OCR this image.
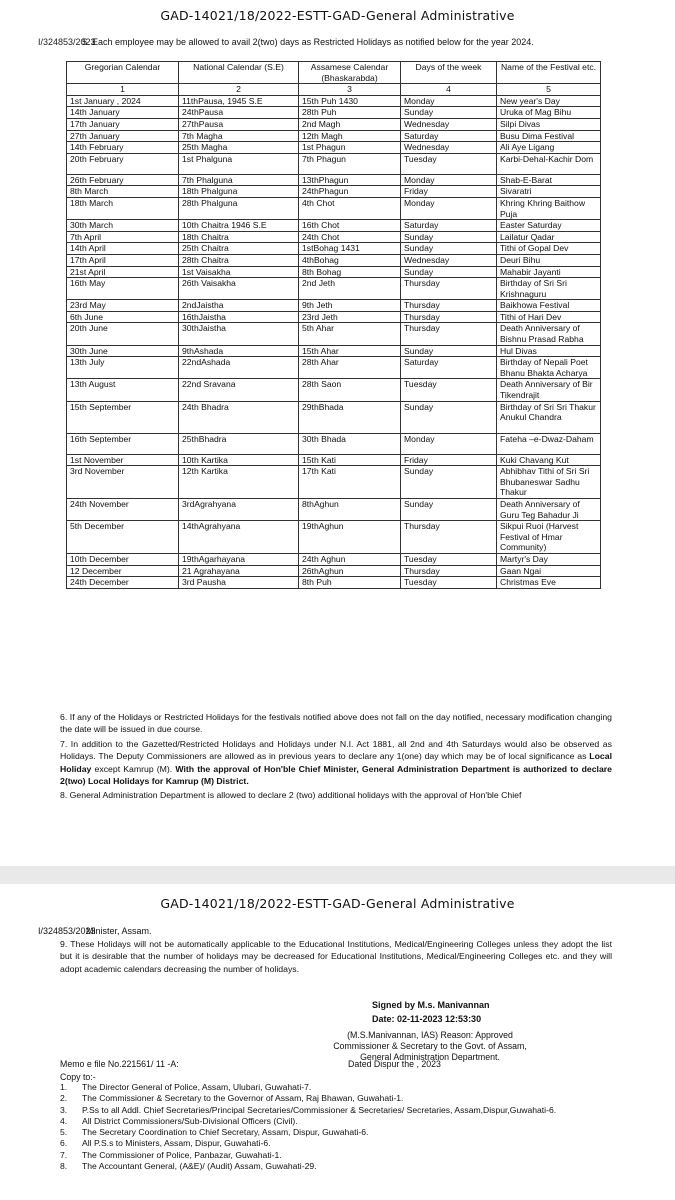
GAD-14021/18/2022-ESTT-GAD-General Administrative
I/324853/2023
5. Each employee may be allowed to avail 2(two) days as Restricted Holidays as notified below for the year 2024.
Gregorian Calendar	National Calendar (S.E)	Assamese Calendar (Bhaskarabda)	Days of the week	Name of the Festival etc.
1	2	3	4	5
1st January , 2024	11thPausa, 1945 S.E	15th Puh 1430	Monday	New year's Day
14th January	24thPausa	28th Puh	Sunday	Uruka of Mag Bihu
17th January	27thPausa	2nd Magh	Wednesday	Silpi Divas
27th January	7th Magha	12th Magh	Saturday	Busu Dima Festival
14th February	25th Magha	1st Phagun	Wednesday	Ali Aye Ligang
20th February	1st Phalguna	7th Phagun	Tuesday	Karbi-Dehal-Kachir Dom
26th February	7th Phalguna	13thPhagun	Monday	Shab-E-Barat
8th March	18th Phalguna	24thPhagun	Friday	Sivaratri
18th March	28th Phalguna	4th Chot	Monday	Khring Khring Baithow Puja
30th March	10th Chaitra 1946 S.E	16th Chot	Saturday	Easter Saturday
7th April	18th Chaitra	24th Chot	Sunday	Lailatur Qadar
14th April	25th Chaitra	1stBohag 1431	Sunday	Tithi of Gopal Dev
17th April	28th Chaitra	4thBohag	Wednesday	Deuri Bihu
21st April	1st Vaisakha	8th Bohag	Sunday	Mahabir Jayanti
16th May	26th Vaisakha	2nd Jeth	Thursday	Birthday of Sri Sri Krishnaguru
23rd May	2ndJaistha	9th Jeth	Thursday	Baikhowa Festival
6th June	16thJaistha	23rd Jeth	Thursday	Tithi of Hari Dev
20th June	30thJaistha	5th Ahar	Thursday	Death Anniversary of Bishnu Prasad Rabha
30th June	9thAshada	15th Ahar	Sunday	Hul Divas
13th July	22ndAshada	28th Ahar	Saturday	Birthday of Nepali Poet Bhanu Bhakta Acharya
13th August	22nd Sravana	28th Saon	Tuesday	Death Anniversary of Bir Tikendrajit
15th September	24th Bhadra	29thBhada	Sunday	Birthday of Sri Sri Thakur Anukul Chandra
16th September	25thBhadra	30th Bhada	Monday	Fateha –e-Dwaz-Daham
1st November	10th Kartika	15th Kati	Friday	Kuki Chavang Kut
3rd November	12th Kartika	17th Kati	Sunday	Abhibhav Tithi of Sri Sri Bhubaneswar Sadhu Thakur
24th November	3rdAgrahyana	8thAghun	Sunday	Death Anniversary of Guru Teg Bahadur Ji
5th December	14thAgrahyana	19thAghun	Thursday	Sikpui Ruoi (Harvest Festival of Hmar Community)
10th December	19thAgarhayana	24th Aghun	Tuesday	Martyr's Day
12 December	21 Agrahayana	26thAghun	Thursday	Gaan Ngai
24th December	3rd Pausha	8th Puh	Tuesday	Christmas Eve

6. If any of the Holidays or Restricted Holidays for the festivals notified above does not fall on the day notified, necessary modification changing the date will be issued in due course.

7. In addition to the Gazetted/Restricted Holidays and Holidays under N.I. Act 1881, all 2nd and 4th Saturdays would also be observed as Holidays. The Deputy Commissioners are allowed as in previous years to declare any 1(one) day which may be of local significance as Local Holiday except Kamrup (M). With the approval of Hon'ble Chief Minister, General Administration Department is authorized to declare 2(two) Local Holidays for Kamrup (M) District.

8. General Administration Department is allowed to declare 2 (two) additional holidays with the approval of Hon'ble Chief

GAD-14021/18/2022-ESTT-GAD-General Administrative
I/324853/2023
Minister, Assam.
9. These Holidays will not be automatically applicable to the Educational Institutions, Medical/Engineering Colleges unless they adopt the list but it is desirable that the number of holidays may be decreased for Educational Institutions, Medical/Engineering Colleges etc. and they will adopt academic calendars decreasing the number of holidays.
Signed by M.s. Manivannan
Date: 02-11-2023 12:53:30
(M.S.Manivannan, IAS) Reason: Approved
Commissioner & Secretary to the Govt. of Assam,
General Administration Department.
Memo e file No.221561/ 11 -A:	Dated Dispur the , 2023
Copy to:-
1.	The Director General of Police, Assam, Ulubari, Guwahati-7.
2.	The Commissioner & Secretary to the Governor of Assam, Raj Bhawan, Guwahati-1.
3.	P.Ss to all Addl. Chief Secretaries/Principal Secretaries/Commissioner & Secretaries/ Secretaries, Assam,Dispur,Guwahati-6.
4.	All District Commissioners/Sub-Divisional Officers (Civil).
5.	The Secretary Coordination to Chief Secretary, Assam, Dispur, Guwahati-6.
6.	All P.S.s to Ministers, Assam, Dispur, Guwahati-6.
7.	The Commissioner of Police, Panbazar, Guwahati-1.
8.	The Accountant General, (A&E)/ (Audit) Assam, Guwahati-29.
